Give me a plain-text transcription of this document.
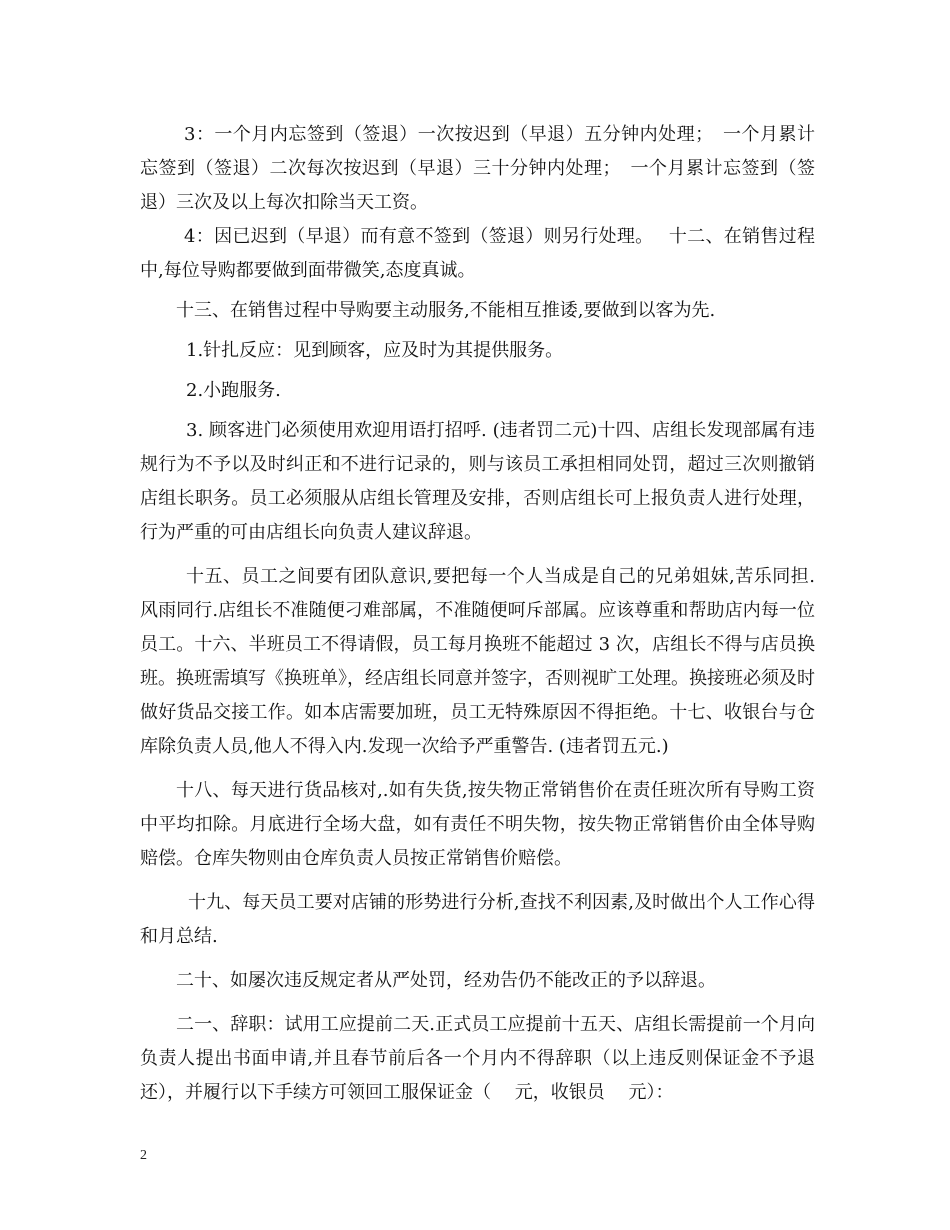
3：一个月内忘签到（签退）一次按迟到（早退）五分钟内处理；　一个月累计忘签到（签退）二次每次按迟到（早退）三十分钟内处理；　一个月累计忘签到（签退）三次及以上每次扣除当天工资。

4：因已迟到（早退）而有意不签到（签退）则另行处理。　 十二、在销售过程中,每位导购都要做到面带微笑,态度真诚。

十三、在销售过程中导购要主动服务,不能相互推诿,要做到以客为先.

1.针扎反应：见到顾客，应及时为其提供服务。

2.小跑服务.

3. 顾客进门必须使用欢迎用语打招呼. (违者罚二元)十四、店组长发现部属有违规行为不予以及时纠正和不进行记录的，则与该员工承担相同处罚，超过三次则撤销店组长职务。员工必须服从店组长管理及安排，否则店组长可上报负责人进行处理，行为严重的可由店组长向负责人建议辞退。

十五、员工之间要有团队意识,要把每一个人当成是自己的兄弟姐妹,苦乐同担.风雨同行.店组长不准随便刁难部属，不准随便呵斥部属。应该尊重和帮助店内每一位员工。十六、半班员工不得请假，员工每月换班不能超过 3 次，店组长不得与店员换班。换班需填写《换班单》，经店组长同意并签字，否则视旷工处理。换接班必须及时做好货品交接工作。如本店需要加班，员工无特殊原因不得拒绝。十七、收银台与仓库除负责人员,他人不得入内.发现一次给予严重警告. (违者罚五元.)

十八、每天进行货品核对,.如有失货,按失物正常销售价在责任班次所有导购工资中平均扣除。月底进行全场大盘，如有责任不明失物，按失物正常销售价由全体导购赔偿。仓库失物则由仓库负责人员按正常销售价赔偿。

十九、每天员工要对店铺的形势进行分析,查找不利因素,及时做出个人工作心得和月总结.

二十、如屡次违反规定者从严处罚，经劝告仍不能改正的予以辞退。

二一、辞职：试用工应提前二天.正式员工应提前十五天、店组长需提前一个月向负责人提出书面申请,并且春节前后各一个月内不得辞职（以上违反则保证金不予退还），并履行以下手续方可领回工服保证金（　 元，收银员　 元）：

2
